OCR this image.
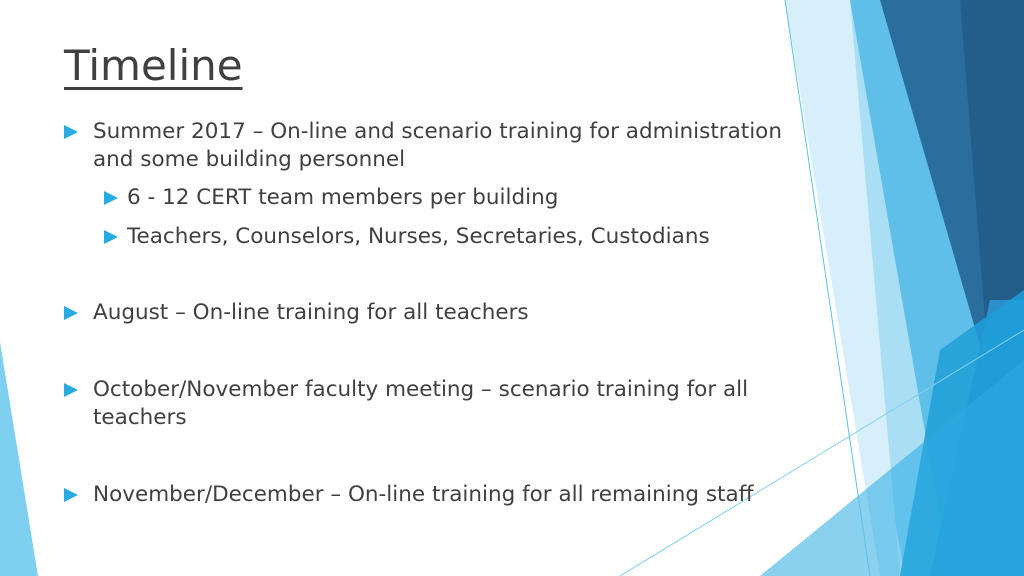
Timeline
Summer 2017 – On-line and scenario training for administration and some building personnel
6 - 12 CERT team members per building
Teachers, Counselors, Nurses, Secretaries, Custodians
August – On-line training for all teachers
October/November faculty meeting – scenario training for all teachers
November/December – On-line training for all remaining staff
